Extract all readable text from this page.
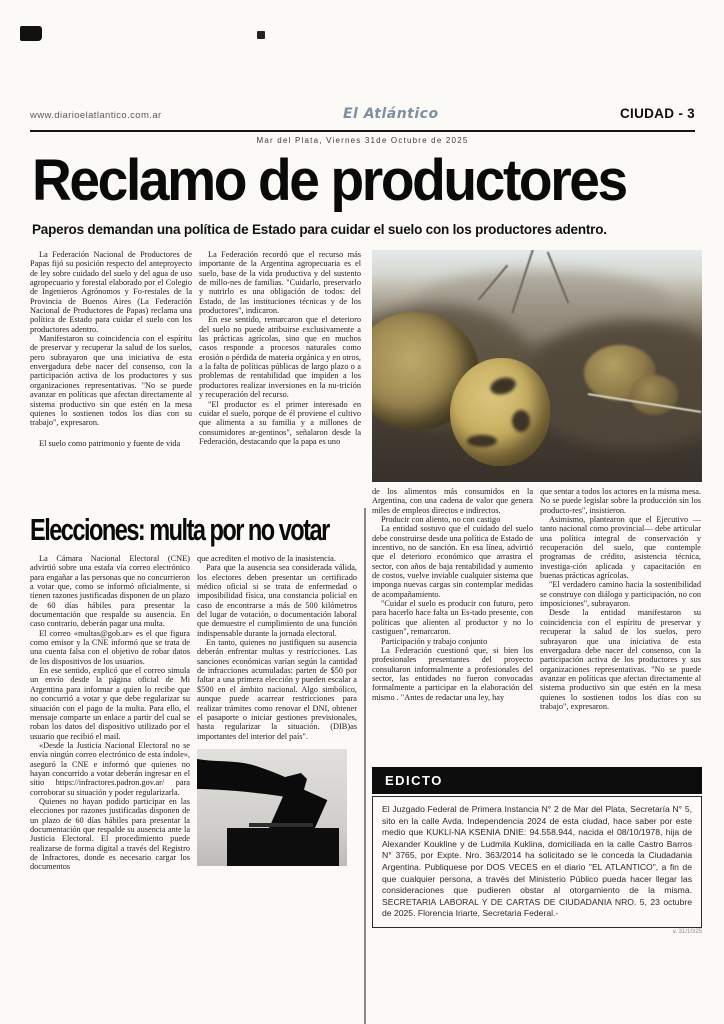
www.diarioelatlantico.com.ar	El Atlántico	CIUDAD - 3
Mar del Plata, Viernes 31de Octubre de 2025
Reclamo de productores
Paperos demandan una política de Estado para cuidar el suelo con los productores adentro.

La Federación Nacional de Productores de Papas fijó su posición respecto del anteproyecto de ley sobre cuidado del suelo y del agua de uso agropecuario y forestal elaborado por el Colegio de Ingenieros Agrónomos y Fo-restales de la Provincia de Buenos Aires (La Federación Nacional de Productores de Papas) reclama una política de Estado para cuidar el suelo con los productores adentro.

Manifestaron su coincidencia con el espíritu de preservar y recuperar la salud de los suelos, pero subrayaron que una iniciativa de esta envergadura debe nacer del consenso, con la participación activa de los productores y sus organizaciones representativas. "No se puede avanzar en políticas que afectan directamente al sistema productivo sin que estén en la mesa quienes lo sostienen todos los días con su trabajo", expresaron.

El suelo como patrimonio y fuente de vida

La Federación recordó que el recurso más importante de la Argentina agropecuaria es el suelo, base de la vida productiva y del sustento de millo-nes de familias. "Cuidarlo, preservarlo y nutrirlo es una obligación de todos: del Estado, de las instituciones técnicas y de los productores", indicaron.

En ese sentido, remarcaron que el deterioro del suelo no puede atribuirse exclusivamente a las prácticas agrícolas, sino que en muchos casos responde a procesos naturales como erosión o pérdida de materia orgánica y en otros, a la falta de políticas públicas de largo plazo o a problemas de rentabilidad que impiden a los productores realizar inversiones en la nu-trición y recuperación del recurso.

"El productor es el primer interesado en cuidar el suelo, porque de él proviene el cultivo que alimenta a su familia y a millones de consumidores ar-gentinos", señalaron desde la Federación, destacando que la papa es uno

Elecciones: multa por no votar

La Cámara Nacional Electoral (CNE) advirtió sobre una estafa vía correo electrónico para engañar a las personas que no concurrieron a votar que, como se informó oficialmente, si tienen razones justificadas disponen de un plazo de 60 días hábiles para presentar la documentación que respalde su ausencia. En caso contrario, deberán pagar una multa.

El correo «multas@gob.ar» es el que figura como emisor y la CNE informó que se trata de una cuenta falsa con el objetivo de robar datos de los dispositivos de los usuarios.

En ese sentido, explicó que el correo simula un envío desde la página oficial de Mi Argentina para informar a quien lo recibe que no concurrió a votar y que debe regularizar su situación con el pago de la multa. Para ello, el mensaje comparte un enlace a partir del cual se roban los datos del dispositivo utilizado por el usuario que recibió el mail.

«Desde la Justicia Nacional Electoral no se envía ningún correo electrónico de esta índole», aseguró la CNE e informó que quienes no hayan concurrido a votar deberán ingresar en el sitio https://infractores.padron.gov.ar/ para corroborar su situación y poder regularizarla.

Quienes no hayan podido participar en las elecciones por razones justificadas disponen de un plazo de 60 días hábiles para presentar la documentación que respalde su ausencia ante la Justicia Electoral. El procedimiento puede realizarse de forma digital a través del Registro de Infractores, donde es necesario cargar los documentos

que acrediten el motivo de la inasistencia.

Para que la ausencia sea considerada válida, los electores deben presentar un certificado médico oficial si se trata de enfermedad o imposibilidad física, una constancia policial en caso de encontrarse a más de 500 kilómetros del lugar de votación, o documentación laboral que demuestre el cumplimiento de una función indispensable durante la jornada electoral.

En tanto, quienes no justifiquen su ausencia deberán enfrentar multas y restricciones. Las sanciones económicas varían según la cantidad de infracciones acumuladas: parten de $50 por faltar a una primera elección y pueden escalar a $500 en el ámbito nacional. Algo simbólico, aunque puede acarrear restricciones para realizar trámites como renovar el DNI, obtener el pasaporte o iniciar gestiones previsionales, hasta regularizar la situación. (DIB)as importantes del interior del país".

de los alimentos más consumidos en la Argentina, con una cadena de valor que genera miles de empleos directos e indirectos.

Producir con aliento, no con castigo

La entidad sostuvo que el cuidado del suelo debe construirse desde una política de Estado de incentivo, no de sanción. En esa línea, advirtió que el deterioro económico que arrastra el sector, con años de baja rentabilidad y aumento de costos, vuelve inviable cualquier sistema que imponga nuevas cargas sin contemplar medidas de acompañamiento.

"Cuidar el suelo es producir con futuro, pero para hacerlo hace falta un Es-tado presente, con políticas que alienten al productor y no lo castiguen", remarcaron.

Participación y trabajo conjunto

La Federación cuestionó que, si bien los profesionales presentantes del proyecto consultaron informalmente a profesionales del sector, las entidades no fueron convocadas formalmente a participar en la elaboración del mismo . "Antes de redactar una ley, hay

que sentar a todos los actores en la misma mesa. No se puede legislar sobre la producción sin los producto-res", insistieron.

Asimismo, plantearon que el Ejecutivo — tanto nacional como provincial— debe articular una política integral de conservación y recuperación del suelo, que contemple programas de crédito, asistencia técnica, investiga-ción aplicada y capacitación en buenas prácticas agrícolas.

"El verdadero camino hacia la sostenibilidad se construye con diálogo y participación, no con imposiciones", subrayaron.

Desde la entidad manifestaron su coincidencia con el espíritu de preservar y recuperar la salud de los suelos, pero subrayaron que una iniciativa de esta envergadura debe nacer del consenso, con la participación activa de los productores y sus organizaciones representativas. "No se puede avanzar en políticas que afectan directamente al sistema productivo sin que estén en la mesa quienes lo sostienen todos los días con su trabajo", expresaron.

EDICTO
El Juzgado Federal de Primera Instancia N° 2 de Mar del Plata, Secretaría N° 5, sito en la calle Avda. Independencia 2024 de esta ciudad, hace saber por este medio que KUKLI-NA KSENIA DNIE: 94.558.944, nacida el 08/10/1978, hija de Alexander Koukline y de Ludmila Kuklina, domiciliada en la calle Castro Barros N° 3765, por Expte. Nro. 363/2014 ha solicitado se le conceda la Ciudadania Argentina. Publiquese por DOS VECES en el diario "EL ATLANTICO", a fin de que cualquier persona, a través del Ministerio Público pueda hacer llegar las consideraciones que pudieren obstar al otorgamiento de la misma. SECRETARIA LABORAL Y DE CARTAS DE CIUDADANIA NRO. 5, 23 octubre de 2025. Florencia Iriarte, Secretaria Federal.-
v. 31/10/25
